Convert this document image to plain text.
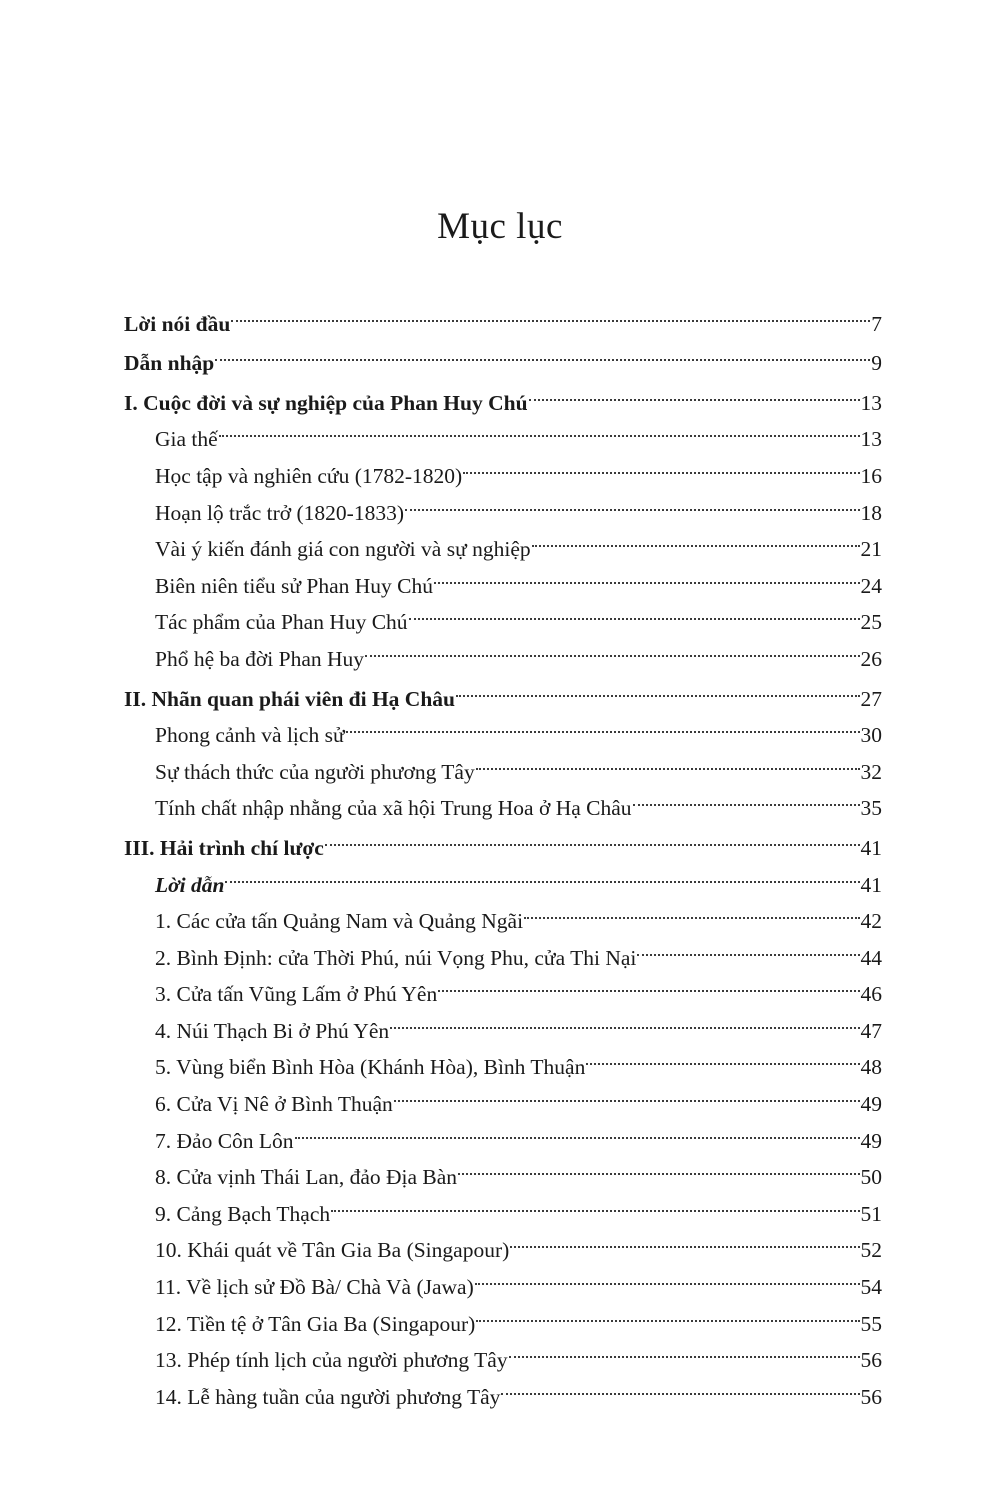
Mục lục
Lời nói đầu	7
Dẫn nhập	9
I. Cuộc đời và sự nghiệp của Phan Huy Chú	13
Gia thế	13
Học tập và nghiên cứu (1782-1820)	16
Hoạn lộ trắc trở (1820-1833)	18
Vài ý kiến đánh giá con người và sự nghiệp	21
Biên niên tiểu sử Phan Huy Chú	24
Tác phẩm của Phan Huy Chú	25
Phổ hệ ba đời Phan Huy	26
II. Nhãn quan phái viên đi Hạ Châu	27
Phong cảnh và lịch sử	30
Sự thách thức của người phương Tây	32
Tính chất nhập nhằng của xã hội Trung Hoa ở Hạ Châu	35
III. Hải trình chí lược	41
Lời dẫn	41
1. Các cửa tấn Quảng Nam và Quảng Ngãi	42
2. Bình Định: cửa Thời Phú, núi Vọng Phu, cửa Thi Nại	44
3. Cửa tấn Vũng Lấm ở Phú Yên	46
4. Núi Thạch Bi ở Phú Yên	47
5. Vùng biển Bình Hòa (Khánh Hòa), Bình Thuận	48
6. Cửa Vị Nê ở Bình Thuận	49
7. Đảo Côn Lôn	49
8. Cửa vịnh Thái Lan, đảo Địa Bàn	50
9. Cảng Bạch Thạch	51
10. Khái quát về Tân Gia Ba (Singapour)	52
11. Về lịch sử Đồ Bà/ Chà Và (Jawa)	54
12. Tiền tệ ở Tân Gia Ba (Singapour)	55
13. Phép tính lịch của người phương Tây	56
14. Lễ hàng tuần của người phương Tây	56
